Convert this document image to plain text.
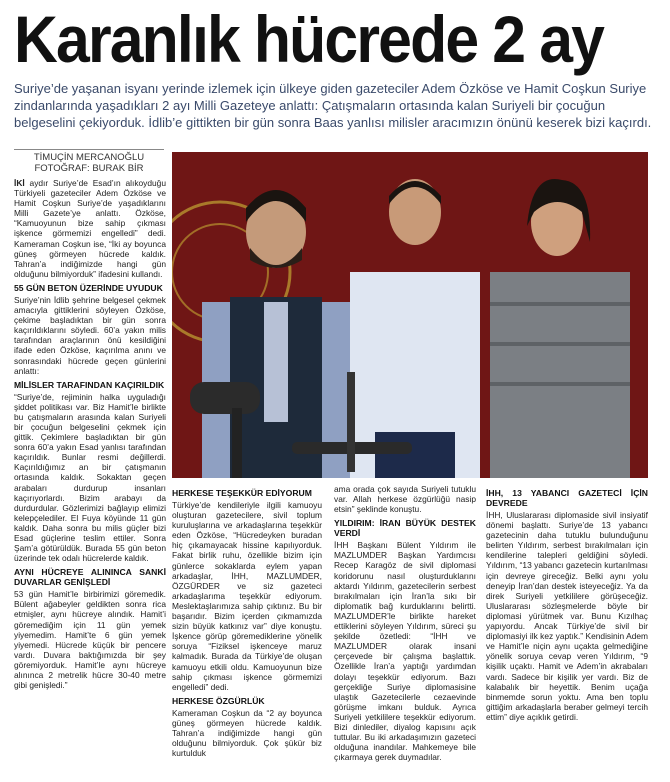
Karanlık hücrede 2 ay
Suriye’de yaşanan isyanı yerinde izlemek için ülkeye giden gazeteciler Adem Özköse ve Hamit Coşkun Suriye zindanlarında yaşadıkları 2 ayı Milli Gazeteye anlattı: Çatışmaların ortasında kalan Suriyeli bir çocuğun belgeselini çekiyorduk. İdlib’e gittikten bir gün sonra Baas yanlısı milisler aracımızın önünü keserek bizi kaçırdı.
TİMUÇİN MERCANOĞLU
FOTOĞRAF: BURAK BİR

İKİ aydır Suriye’de Esad’ın alıkoyduğu Türkiyeli gazeteciler Adem Özköse ve Hamit Coşkun Suriye’de yaşadıklarını Milli Gazete’ye anlattı. Özköse, “Kamuoyunun bize sahip çıkması işkence görmemizi engelledi” dedi. Kameraman Coşkun ise, “İki ay boyunca güneş görmeyen hücrede kaldık. Tahran’a indiğimizde hangi gün olduğunu bilmiyorduk” ifadesini kullandı.

55 GÜN BETON ÜZERİNDE UYUDUK

Suriye’nin İdlib şehrine belgesel çekmek amacıyla gittiklerini söyleyen Özköse, çekime başladıktan bir gün sonra kaçırıldıklarını söyledi. 60’a yakın milis tarafından araçlarının önü kesildiğini ifade eden Özköse, kaçırılma anını ve sonrasındaki hücrede geçen günlerini anlattı:

MİLİSLER TARAFINDAN KAÇIRILDIK

“Suriye’de, rejiminin halka uyguladığı şiddet politikası var. Biz Hamit’le birlikte bu çatışmaların arasında kalan Suriyeli bir çocuğun belgeselini çekmek için gittik. Çekimlere başladıktan bir gün sonra 60’a yakın Esad yanlısı tarafından kaçırıldık. Bunlar resmi değillerdi. Kaçırıldığımız an bir çatışmanın ortasında kaldık. Sokaktan geçen arabaları durdurup insanları kaçırıyorlardı. Bizim arabayı da durdurdular. Gözlerimizi bağlayıp elimizi kelepçelediler. El Fuya köyünde 11 gün kaldık. Daha sonra bu milis güçler bizi Esad güçlerine teslim ettiler. Sonra Şam’a götürüldük. Burada 55 gün beton üzerinde tek odalı hücrelerde kaldık.

AYNI HÜCREYE ALININCA SANKİ DUVARLAR GENİŞLEDİ

53 gün Hamit’le birbirimizi göremedik. Bülent ağabeyler geldikten sonra rica etmişler, aynı hücreye alındık. Hamit’i göremediğim için 11 gün yemek yiyemedim. Hamit’te 6 gün yemek yiyemedi. Hücrede küçük bir pencere vardı. Duvara baktığımızda bir şey göremiyorduk. Hamit’le aynı hücreye alınınca 2 metrelik hücre 30-40 metre gibi genişledi.”

HERKESE TEŞEKKÜR EDİYORUM

Türkiye’de kendileriyle ilgili kamuoyu oluşturan gazetecilere, sivil toplum kuruluşlarına ve arkadaşlarına teşekkür eden Özköse, “Hücredeyken buradan hiç çıkamayacak hissine kapılıyorduk. Fakat birlik ruhu, özellikle bizim için günlerce sokaklarda eylem yapan arkadaşlar, İHH, MAZLUMDER, ÖZGÜRDER ve siz gazeteci arkadaşlarıma teşekkür ediyorum. Meslektaşlarımıza sahip çıktınız. Bu bir başarıdır. Bizim içerden çıkmamızda sizin büyük katkınız var” diye konuştu. İşkence görüp göremediklerine yönelik soruya “Fiziksel işkenceye maruz kalmadık. Burada da Türkiye’de oluşan kamuoyu etkili oldu. Kamuoyunun bize sahip çıkması işkence görmemizi engelledi” dedi.

HERKESE ÖZGÜRLÜK

Kameraman Coşkun da “2 ay boyunca güneş görmeyen hücrede kaldık. Tahran’a indiğimizde hangi gün olduğunu bilmiyorduk. Çok şükür biz kurtulduk

ama orada çok sayıda Suriyeli tutuklu var. Allah herkese özgürlüğü nasip etsin” şeklinde konuştu.

YILDIRIM: İRAN BÜYÜK DESTEK VERDİ

İHH Başkanı Bülent Yıldırım ile MAZLUMDER Başkan Yardımcısı Recep Karagöz de sivil diplomasi koridorunu nasıl oluşturduklarını aktardı Yıldırım, gazetecilerin serbest bırakılmaları için İran’la sıkı bir diplomatik bağ kurduklarını belirtti. MAZLUMDER’le birlikte hareket ettiklerini söyleyen Yıldırım, süreci şu şekilde özetledi: “İHH ve MAZLUMDER olarak insani çerçevede bir çalışma başlattık. Özellikle İran’a yaptığı yardımdan dolayı teşekkür ediyorum. Bazı gerçekliğe Suriye diplomasisine ulaştık Gazetecilerle cezaevinde görüşme imkanı bulduk. Ayrıca Suriyeli yetkililere teşekkür ediyorum. Bizi dinlediler, diyalog kapısını açık tuttular. Bu iki arkadaşımızın gazeteci olduğuna inandılar. Mahkemeye bile çıkarmaya gerek duymadılar.

İHH, 13 YABANCI GAZETECİ İÇİN DEVREDE

İHH, Uluslararası diplomaside sivil insiyatif dönemi başlattı. Suriye’de 13 yabancı gazetecinin daha tutuklu bulunduğunu belirten Yıldırım, serbest bırakılmaları için kendilerine talepleri geldiğini söyledi. Yıldırım, “13 yabancı gazetecin kurtarılması için devreye gireceğiz. Belki aynı yolu deneyip İran’dan destek isteyeceğiz. Ya da direk Suriyeli yetkililere görüşeceğiz. Uluslararası sözleşmelerde böyle bir diplomasi yürütmek var. Bunu Kızılhaç yapıyordu. Ancak Türkiye’de sivil bir diplomasiyi ilk kez yaptık.” Kendisinin Adem ve Hamit’le niçin aynı uçakta gelmediğine yönelik soruya cevap veren Yıldırım, “9 kişilik uçaktı. Hamit ve Adem’in akrabaları vardı. Sadece bir kişilik yer vardı. Biz de kalabalık bir heyettik. Benim uçağa binmemde sorun yoktu. Ama ben toplu gittiğim arkadaşlarla beraber gelmeyi tercih ettim” diye açıklık getirdi.
